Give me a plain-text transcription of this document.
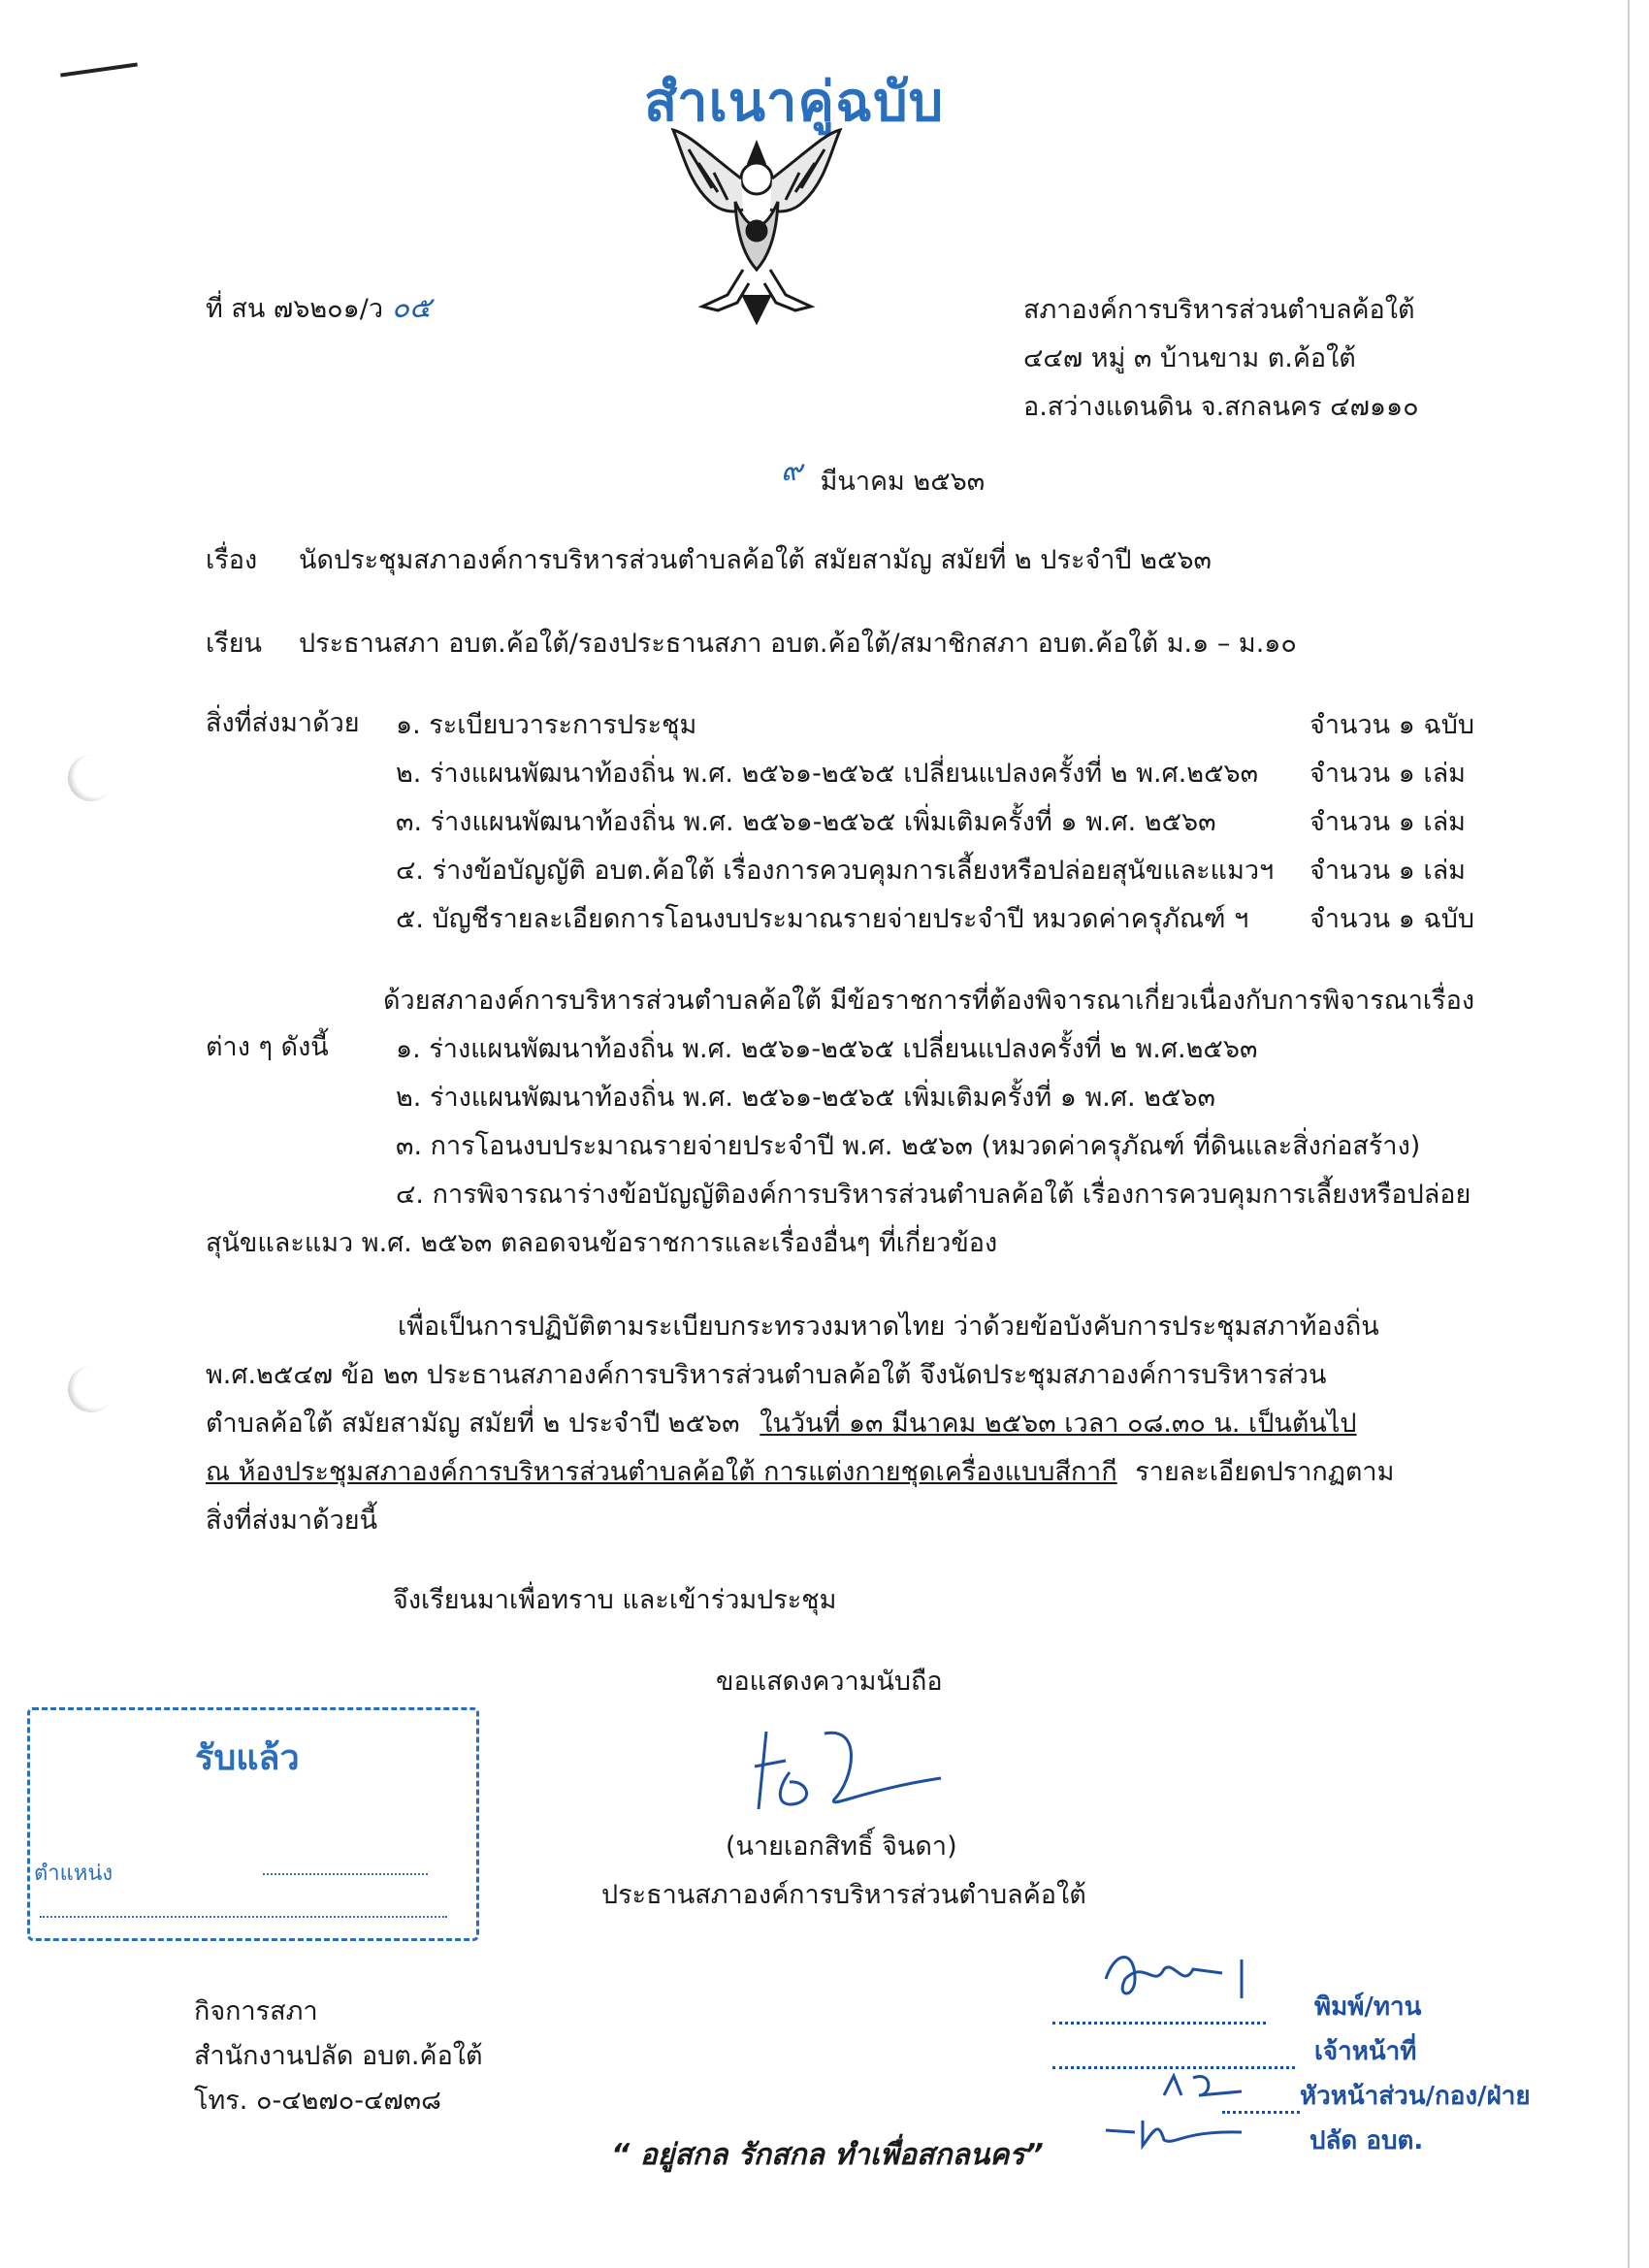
สำเนาคู่ฉบับ
ที่ สน ๗๖๒๐๑/ว ๐๕	สภาองค์การบริหารส่วนตำบลค้อใต้
๔๔๗ หมู่ ๓ บ้านขาม ต.ค้อใต้
อ.สว่างแดนดิน จ.สกลนคร ๔๗๑๑๐
๙ มีนาคม ๒๕๖๓
เรื่อง นัดประชุมสภาองค์การบริหารส่วนตำบลค้อใต้ สมัยสามัญ สมัยที่ ๒ ประจำปี ๒๕๖๓
เรียน ประธานสภา อบต.ค้อใต้/รองประธานสภา อบต.ค้อใต้/สมาชิกสภา อบต.ค้อใต้ ม.๑ – ม.๑๐
สิ่งที่ส่งมาด้วย ๑. ระเบียบวาระการประชุม	จำนวน ๑ ฉบับ
๒. ร่างแผนพัฒนาท้องถิ่น พ.ศ. ๒๕๖๑-๒๕๖๕ เปลี่ยนแปลงครั้งที่ ๒ พ.ศ.๒๕๖๓ จำนวน ๑ เล่ม
๓. ร่างแผนพัฒนาท้องถิ่น พ.ศ. ๒๕๖๑-๒๕๖๕ เพิ่มเติมครั้งที่ ๑ พ.ศ. ๒๕๖๓	จำนวน ๑ เล่ม
๔. ร่างข้อบัญญัติ อบต.ค้อใต้ เรื่องการควบคุมการเลี้ยงหรือปล่อยสุนัขและแมวฯ จำนวน ๑ เล่ม
๕. บัญชีรายละเอียดการโอนงบประมาณรายจ่ายประจำปี หมวดค่าครุภัณฑ์ ฯ จำนวน ๑ ฉบับ
ด้วยสภาองค์การบริหารส่วนตำบลค้อใต้ มีข้อราชการที่ต้องพิจารณาเกี่ยวเนื่องกับการพิจารณาเรื่อง
ต่าง ๆ ดังนี้	๑. ร่างแผนพัฒนาท้องถิ่น พ.ศ. ๒๕๖๑-๒๕๖๕ เปลี่ยนแปลงครั้งที่ ๒ พ.ศ.๒๕๖๓
๒. ร่างแผนพัฒนาท้องถิ่น พ.ศ. ๒๕๖๑-๒๕๖๕ เพิ่มเติมครั้งที่ ๑ พ.ศ. ๒๕๖๓
๓. การโอนงบประมาณรายจ่ายประจำปี พ.ศ. ๒๕๖๓ (หมวดค่าครุภัณฑ์ ที่ดินและสิ่งก่อสร้าง)
๔. การพิจารณาร่างข้อบัญญัติองค์การบริหารส่วนตำบลค้อใต้ เรื่องการควบคุมการเลี้ยงหรือปล่อย
สุนัขและแมว พ.ศ. ๒๕๖๓ ตลอดจนข้อราชการและเรื่องอื่นๆ ที่เกี่ยวข้อง
เพื่อเป็นการปฏิบัติตามระเบียบกระทรวงมหาดไทย ว่าด้วยข้อบังคับการประชุมสภาท้องถิ่น
พ.ศ.๒๕๔๗ ข้อ ๒๓ ประธานสภาองค์การบริหารส่วนตำบลค้อใต้ จึงนัดประชุมสภาองค์การบริหารส่วน
ตำบลค้อใต้ สมัยสามัญ สมัยที่ ๒ ประจำปี ๒๕๖๓ ในวันที่ ๑๓ มีนาคม ๒๕๖๓ เวลา ๐๘.๓๐ น. เป็นต้นไป
ณ ห้องประชุมสภาองค์การบริหารส่วนตำบลค้อใต้ การแต่งกายชุดเครื่องแบบสีกากี รายละเอียดปรากฏตาม
สิ่งที่ส่งมาด้วยนี้
จึงเรียนมาเพื่อทราบ และเข้าร่วมประชุม
ขอแสดงความนับถือ
(นายเอกสิทธิ์ จินดา)
ประธานสภาองค์การบริหารส่วนตำบลค้อใต้
รับแล้ว
ตำแหน่ง
กิจการสภา
สำนักงานปลัด อบต.ค้อใต้
โทร. ๐-๔๒๗๐-๔๗๓๘
“ อยู่สกล รักสกล ทำเพื่อสกลนคร”
พิมพ์/ทาน
เจ้าหน้าที่
หัวหน้าส่วน/กอง/ฝ่าย
ปลัด อบต.
